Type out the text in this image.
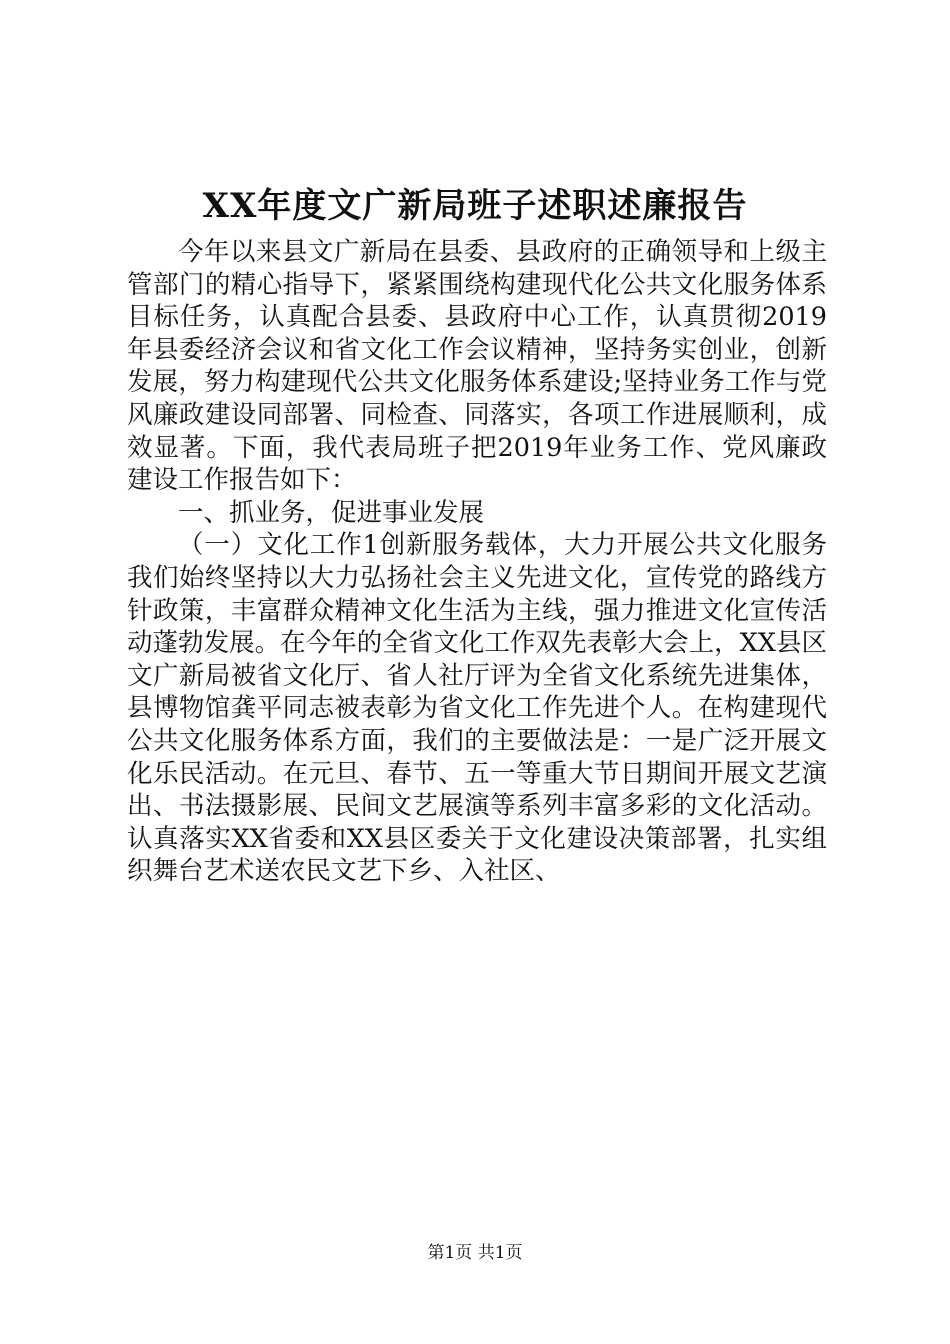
XX年度文广新局班子述职述廉报告

今年以来县文广新局在县委、县政府的正确领导和上级主管部门的精心指导下，紧紧围绕构建现代化公共文化服务体系目标任务，认真配合县委、县政府中心工作，认真贯彻2019年县委经济会议和省文化工作会议精神，坚持务实创业，创新发展，努力构建现代公共文化服务体系建设;坚持业务工作与党风廉政建设同部署、同检查、同落实，各项工作进展顺利，成效显著。下面，我代表局班子把2019年业务工作、党风廉政建设工作报告如下：

一、抓业务，促进事业发展

（一）文化工作1创新服务载体，大力开展公共文化服务我们始终坚持以大力弘扬社会主义先进文化，宣传党的路线方针政策，丰富群众精神文化生活为主线，强力推进文化宣传活动蓬勃发展。在今年的全省文化工作双先表彰大会上，XX县区文广新局被省文化厅、省人社厅评为全省文化系统先进集体，县博物馆龚平同志被表彰为省文化工作先进个人。在构建现代公共文化服务体系方面，我们的主要做法是：一是广泛开展文化乐民活动。在元旦、春节、五一等重大节日期间开展文艺演出、书法摄影展、民间文艺展演等系列丰富多彩的文化活动。认真落实XX省委和XX县区委关于文化建设决策部署，扎实组织舞台艺术送农民文艺下乡、入社区、

第1页 共1页
